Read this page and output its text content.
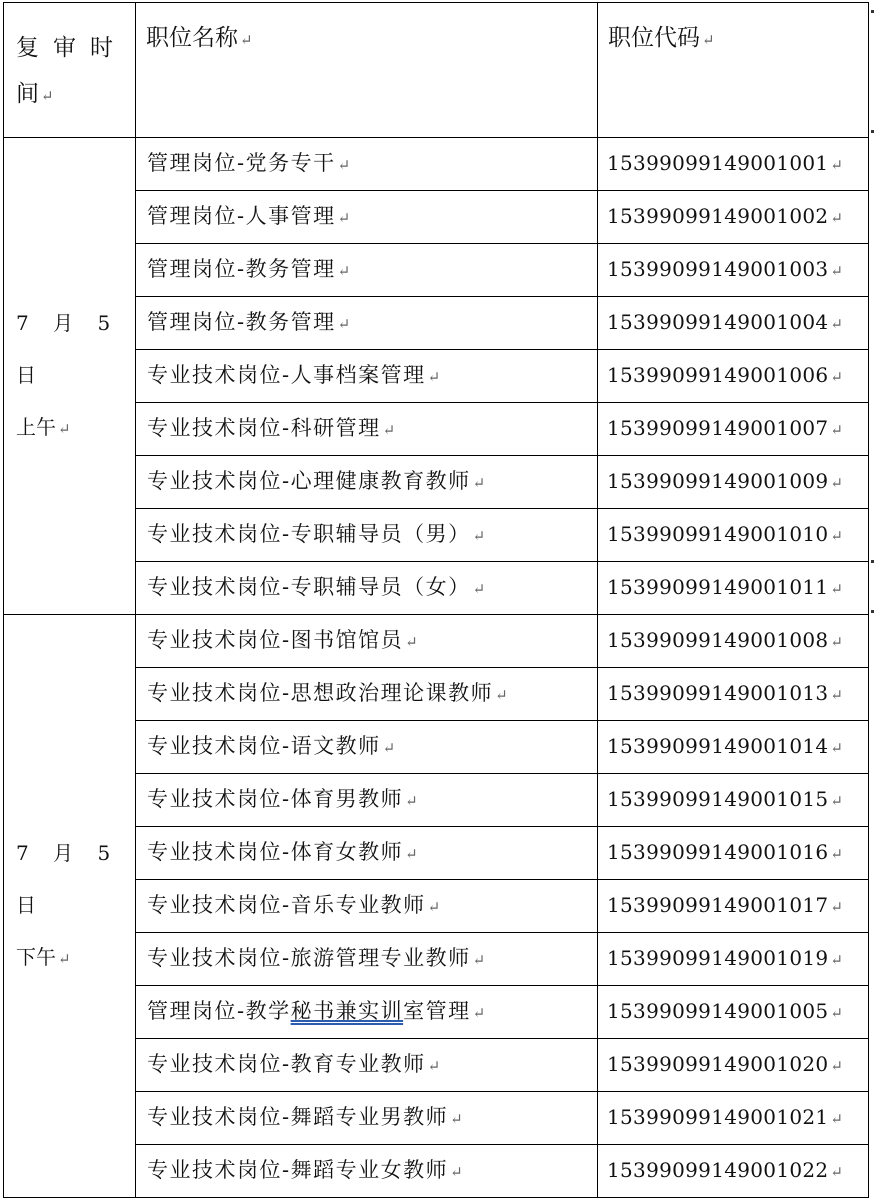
复审时
间 ↵	职位名称 ↵	职位代码 ↵

7 月 5 日
上午 ↵	管理岗位-党务专干 ↵	15399099149001001 ↵
	管理岗位-人事管理 ↵	15399099149001002 ↵
	管理岗位-教务管理 ↵	15399099149001003 ↵
	管理岗位-教务管理 ↵	15399099149001004 ↵
	专业技术岗位-人事档案管理 ↵	15399099149001006 ↵
	专业技术岗位-科研管理 ↵	15399099149001007 ↵
	专业技术岗位-心理健康教育教师 ↵	15399099149001009 ↵
	专业技术岗位-专职辅导员（男） ↵	15399099149001010 ↵
	专业技术岗位-专职辅导员（女） ↵	15399099149001011 ↵

7 月 5 日
下午 ↵	专业技术岗位-图书馆馆员 ↵	15399099149001008 ↵
	专业技术岗位-思想政治理论课教师 ↵	15399099149001013 ↵
	专业技术岗位-语文教师 ↵	15399099149001014 ↵
	专业技术岗位-体育男教师 ↵	15399099149001015 ↵
	专业技术岗位-体育女教师 ↵	15399099149001016 ↵
	专业技术岗位-音乐专业教师 ↵	15399099149001017 ↵
	专业技术岗位-旅游管理专业教师 ↵	15399099149001019 ↵
	管理岗位-教学秘书兼实训室管理 ↵	15399099149001005 ↵
	专业技术岗位-教育专业教师 ↵	15399099149001020 ↵
	专业技术岗位-舞蹈专业男教师 ↵	15399099149001021 ↵
	专业技术岗位-舞蹈专业女教师 ↵	15399099149001022 ↵
